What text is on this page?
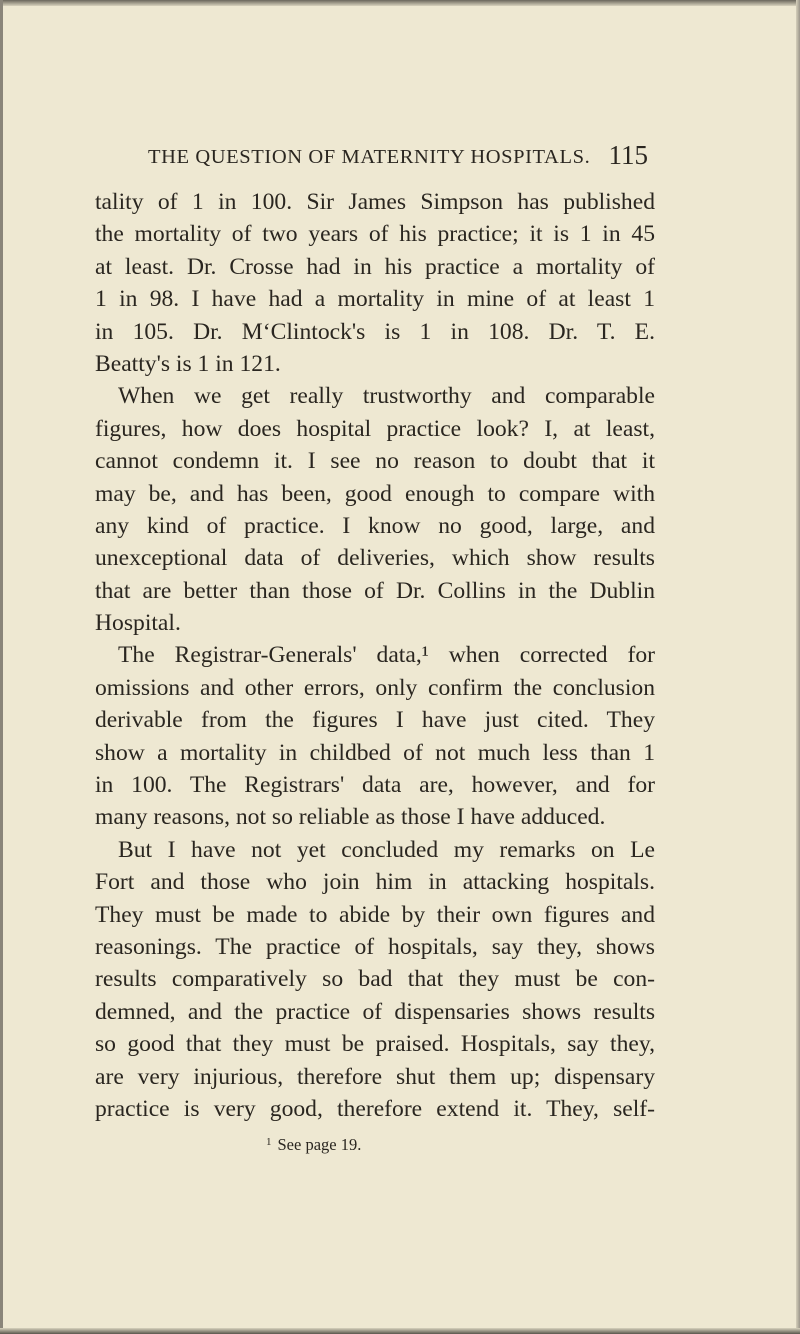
THE QUESTION OF MATERNITY HOSPITALS. 115
tality of 1 in 100. Sir James Simpson has published
the mortality of two years of his practice; it is 1 in 45
at least. Dr. Crosse had in his practice a mortality of
1 in 98. I have had a mortality in mine of at least 1
in 105. Dr. M‘Clintock's is 1 in 108. Dr. T. E.
Beatty's is 1 in 121.
When we get really trustworthy and comparable
figures, how does hospital practice look? I, at least,
cannot condemn it. I see no reason to doubt that it
may be, and has been, good enough to compare with
any kind of practice. I know no good, large, and
unexceptional data of deliveries, which show results
that are better than those of Dr. Collins in the Dublin
Hospital.
The Registrar-Generals' data,¹ when corrected for
omissions and other errors, only confirm the conclusion
derivable from the figures I have just cited. They
show a mortality in childbed of not much less than 1
in 100. The Registrars' data are, however, and for
many reasons, not so reliable as those I have adduced.
But I have not yet concluded my remarks on Le
Fort and those who join him in attacking hospitals.
They must be made to abide by their own figures and
reasonings. The practice of hospitals, say they, shows
results comparatively so bad that they must be con-
demned, and the practice of dispensaries shows results
so good that they must be praised. Hospitals, say they,
are very injurious, therefore shut them up; dispensary
practice is very good, therefore extend it. They, self-
$^1$ See page 19.
